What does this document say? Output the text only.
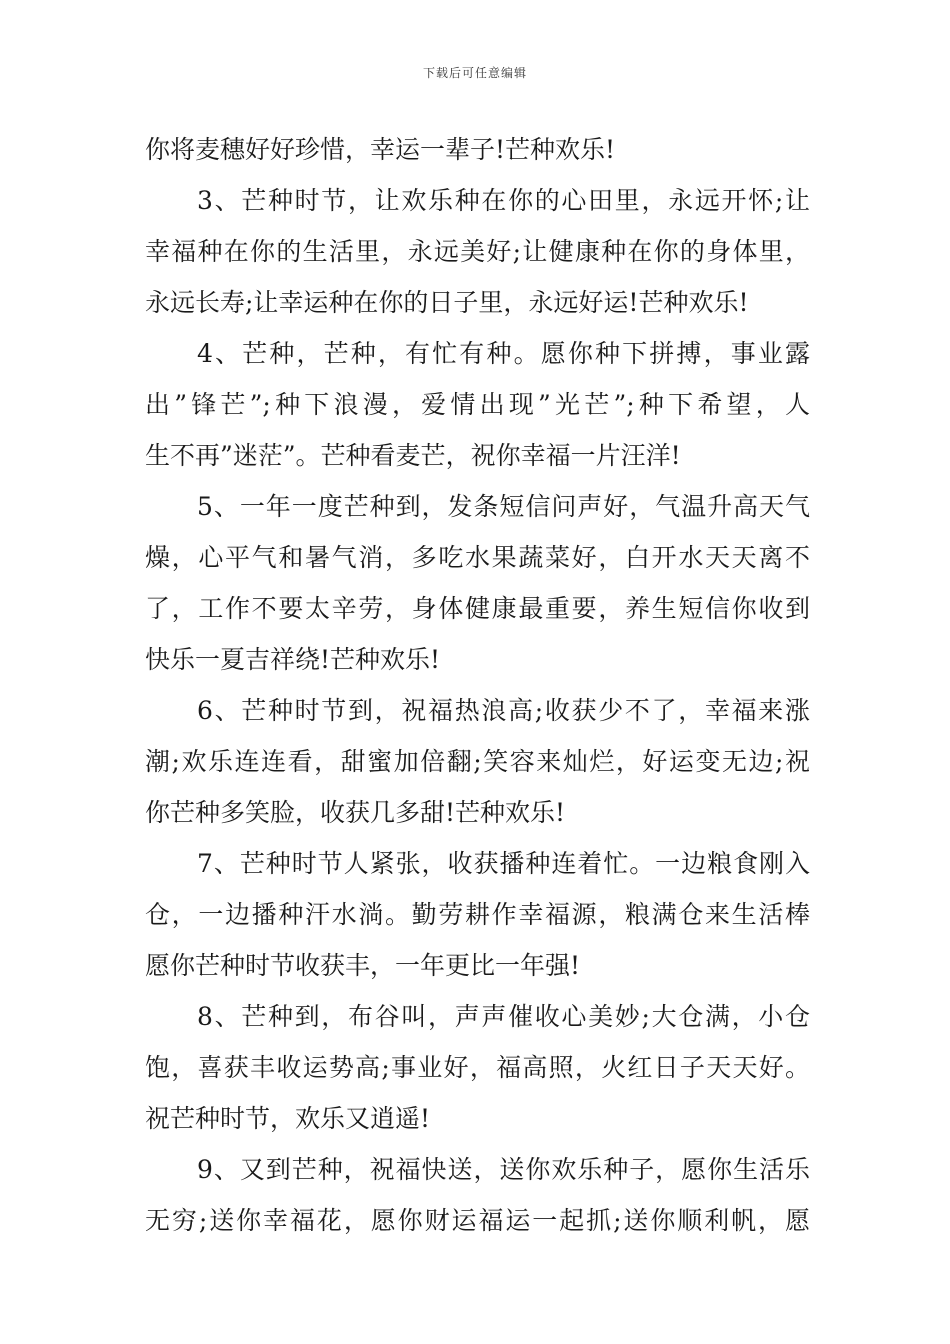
下载后可任意编辑
你将麦穗好好珍惜，幸运一辈子!芒种欢乐!
3、芒种时节，让欢乐种在你的心田里，永远开怀;让
幸福种在你的生活里，永远美好;让健康种在你的身体里，
永远长寿;让幸运种在你的日子里，永远好运!芒种欢乐!
4、芒种，芒种，有忙有种。愿你种下拼搏，事业露
出”锋芒”;种下浪漫，爱情出现”光芒”;种下希望，人
生不再”迷茫”。芒种看麦芒，祝你幸福一片汪洋!
5、一年一度芒种到，发条短信问声好，气温升高天气
燥，心平气和暑气消，多吃水果蔬菜好，白开水天天离不
了，工作不要太辛劳，身体健康最重要，养生短信你收到
快乐一夏吉祥绕!芒种欢乐!
6、芒种时节到，祝福热浪高;收获少不了，幸福来涨
潮;欢乐连连看，甜蜜加倍翻;笑容来灿烂，好运变无边;祝
你芒种多笑脸，收获几多甜!芒种欢乐!
7、芒种时节人紧张，收获播种连着忙。一边粮食刚入
仓，一边播种汗水淌。勤劳耕作幸福源，粮满仓来生活棒
愿你芒种时节收获丰，一年更比一年强!
8、芒种到，布谷叫，声声催收心美妙;大仓满，小仓
饱，喜获丰收运势高;事业好，福高照，火红日子天天好。
祝芒种时节，欢乐又逍遥!
9、又到芒种，祝福快送，送你欢乐种子，愿你生活乐
无穷;送你幸福花，愿你财运福运一起抓;送你顺利帆，愿
